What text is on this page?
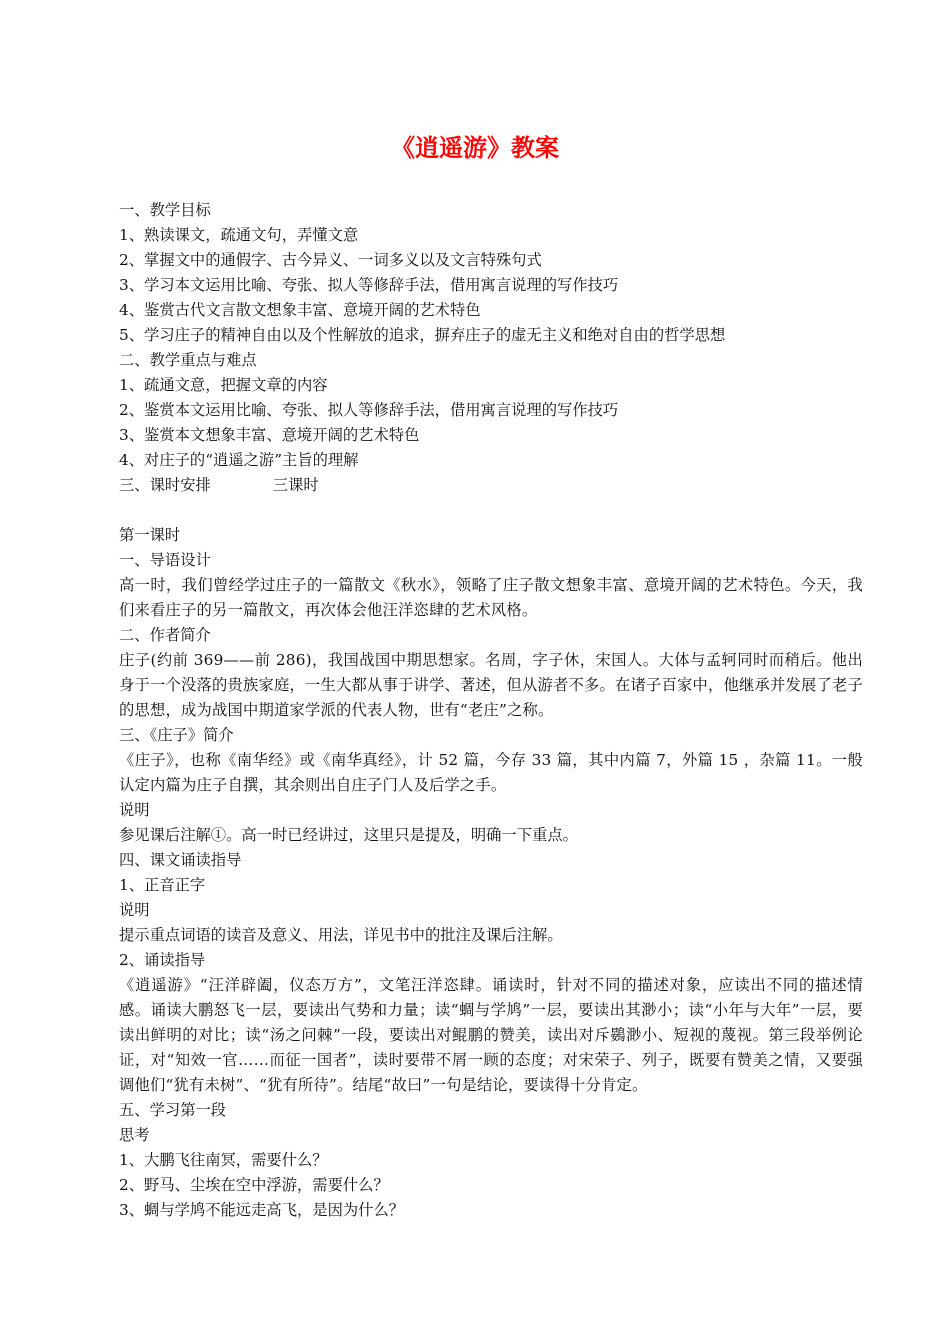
《逍遥游》教案

一、教学目标

1、熟读课文，疏通文句，弄懂文意

2、掌握文中的通假字、古今异义、一词多义以及文言特殊句式

3、学习本文运用比喻、夸张、拟人等修辞手法，借用寓言说理的写作技巧

4、鉴赏古代文言散文想象丰富、意境开阔的艺术特色

5、学习庄子的精神自由以及个性解放的追求，摒弃庄子的虚无主义和绝对自由的哲学思想

二、教学重点与难点

1、疏通文意，把握文章的内容

2、鉴赏本文运用比喻、夸张、拟人等修辞手法，借用寓言说理的写作技巧

3、鉴赏本文想象丰富、意境开阔的艺术特色

4、对庄子的“逍遥之游”主旨的理解

三、课时安排	三课时

第一课时

一、导语设计

高一时，我们曾经学过庄子的一篇散文《秋水》，领略了庄子散文想象丰富、意境开阔的艺术特色。今天，我们来看庄子的另一篇散文，再次体会他汪洋恣肆的艺术风格。

二、作者简介

庄子(约前 369——前 286)，我国战国中期思想家。名周，字子休，宋国人。大体与孟轲同时而稍后。他出身于一个没落的贵族家庭，一生大都从事于讲学、著述，但从游者不多。在诸子百家中，他继承并发展了老子的思想，成为战国中期道家学派的代表人物，世有“老庄”之称。

三、《庄子》简介

《庄子》，也称《南华经》或《南华真经》，计 52 篇，今存 33 篇，其中内篇 7，外篇 15 ，杂篇 11。一般认定内篇为庄子自撰，其余则出自庄子门人及后学之手。

说明

参见课后注解①。高一时已经讲过，这里只是提及，明确一下重点。

四、课文诵读指导

1、正音正字

说明

提示重点词语的读音及意义、用法，详见书中的批注及课后注解。

2、诵读指导

《逍遥游》“汪洋辟阖，仪态万方”，文笔汪洋恣肆。诵读时，针对不同的描述对象，应读出不同的描述情感。诵读大鹏怒飞一层，要读出气势和力量；读“蜩与学鸠”一层，要读出其渺小；读“小年与大年”一层，要读出鲜明的对比；读“汤之问棘”一段，要读出对鲲鹏的赞美，读出对斥鷃渺小、短视的蔑视。第三段举例论证，对“知效一官……而征一国者”，读时要带不屑一顾的态度；对宋荣子、列子，既要有赞美之情，又要强调他们“犹有未树”、“犹有所待”。结尾“故曰”一句是结论，要读得十分肯定。

五、学习第一段

思考

1、大鹏飞往南冥，需要什么？

2、野马、尘埃在空中浮游，需要什么？

3、蜩与学鸠不能远走高飞，是因为什么？
